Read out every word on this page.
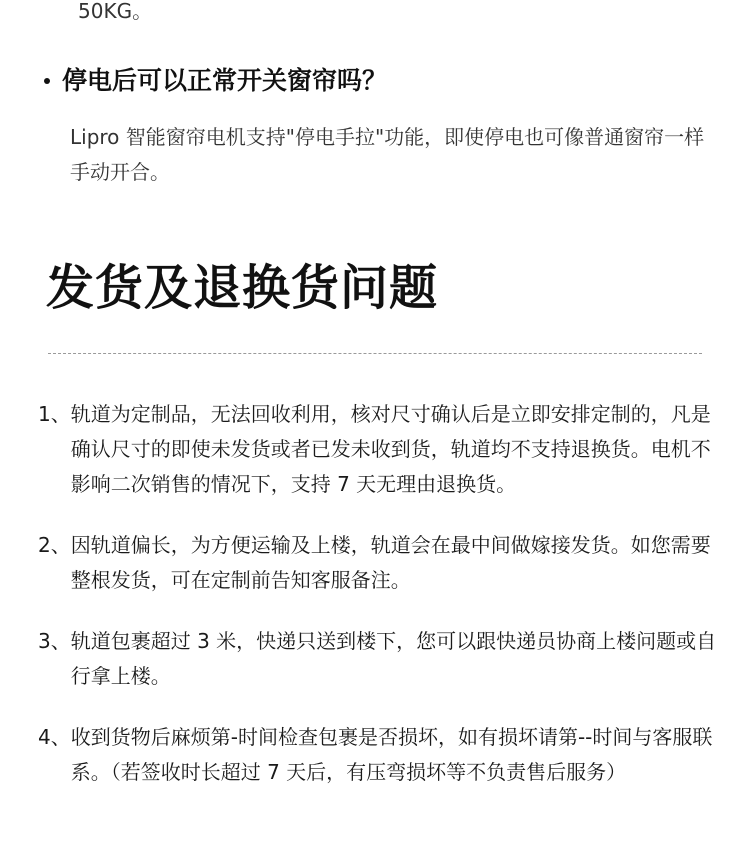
50KG。
停电后可以正常开关窗帘吗？

Lipro 智能窗帘电机支持"停电手拉"功能，即使停电也可像普通窗帘一样手动开合。

发货及退换货问题
1、 轨道为定制品，无法回收利用，核对尺寸确认后是立即安排定制的，凡是确认尺寸的即使未发货或者已发未收到货，轨道均不支持退换货。电机不影响二次销售的情况下，支持 7 天无理由退换货。
2、 因轨道偏长，为方便运输及上楼，轨道会在最中间做嫁接发货。如您需要整根发货，可在定制前告知客服备注。
3、 轨道包裹超过 3 米，快递只送到楼下，您可以跟快递员协商上楼问题或自行拿上楼。
4、 收到货物后麻烦第-时间检查包裹是否损坏，如有损坏请第--时间与客服联系。（若签收时长超过 7 天后，有压弯损坏等不负责售后服务）
